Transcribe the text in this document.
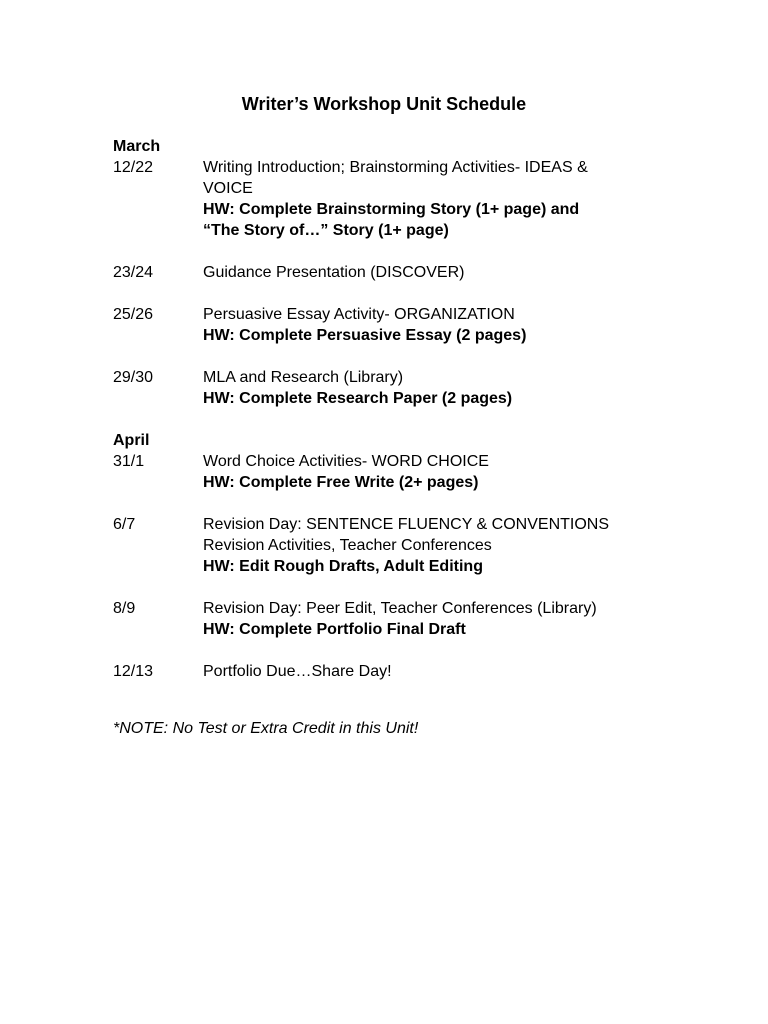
Writer’s Workshop Unit Schedule
March
12/22	Writing Introduction; Brainstorming Activities- IDEAS &
VOICE
HW: Complete Brainstorming Story (1+ page) and
“The Story of…” Story (1+ page)
23/24	Guidance Presentation (DISCOVER)
25/26	Persuasive Essay Activity- ORGANIZATION
HW: Complete Persuasive Essay (2 pages)
29/30	MLA and Research (Library)
HW: Complete Research Paper (2 pages)
April
31/1	Word Choice Activities- WORD CHOICE
HW: Complete Free Write (2+ pages)
6/7	Revision Day: SENTENCE FLUENCY & CONVENTIONS
Revision Activities, Teacher Conferences
HW: Edit Rough Drafts, Adult Editing
8/9	Revision Day: Peer Edit, Teacher Conferences (Library)
HW: Complete Portfolio Final Draft
12/13	Portfolio Due…Share Day!
*NOTE: No Test or Extra Credit in this Unit!
